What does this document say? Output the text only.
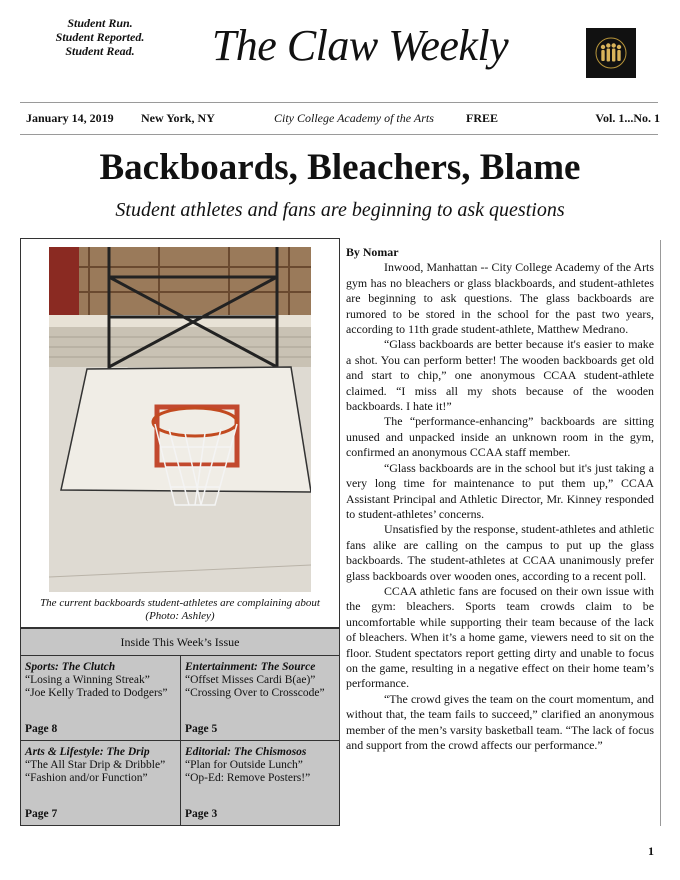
Student Run.
Student Reported.
Student Read.	The Claw Weekly
January 14, 2019 New York, NY	City College Academy of the Arts	FREE	Vol. 1...No. 1
Backboards, Bleachers, Blame
Student athletes and fans are beginning to ask questions
The current backboards student-athletes are complaining about
(Photo: Ashley)
Inside This Week’s Issue
Sports: The Clutch
“Losing a Winning Streak”
“Joe Kelly Traded to Dodgers”
Page 8
Entertainment: The Source
“Offset Misses Cardi B(ae)”
“Crossing Over to Crosscode”
Page 5
Arts & Lifestyle: The Drip
“The All Star Drip & Dribble”
“Fashion and/or Function”
Page 7
Editorial: The Chismosos
“Plan for Outside Lunch”
“Op-Ed: Remove Posters!”
Page 3
By Nomar

Inwood, Manhattan -- City College Academy of the Arts gym has no bleachers or glass blackboards, and student-athletes are beginning to ask questions. The glass backboards are rumored to be stored in the school for the past two years, according to 11th grade student-athlete, Matthew Medrano.

“Glass backboards are better because it's easier to make a shot. You can perform better! The wooden backboards get old and start to chip,” one anonymous CCAA student-athlete claimed. “I miss all my shots because of the wooden backboards. I hate it!”

The “performance-enhancing” backboards are sitting unused and unpacked inside an unknown room in the gym, confirmed an anonymous CCAA staff member.

“Glass backboards are in the school but it's just taking a very long time for maintenance to put them up,” CCAA Assistant Principal and Athletic Director, Mr. Kinney responded to student-athletes’ concerns.

Unsatisfied by the response, student-athletes and athletic fans alike are calling on the campus to put up the glass backboards. The student-athletes at CCAA unanimously prefer glass backboards over wooden ones, according to a recent poll.

CCAA athletic fans are focused on their own issue with the gym: bleachers. Sports team crowds claim to be uncomfortable while supporting their team because of the lack of bleachers. When it’s a home game, viewers need to sit on the floor. Student spectators report getting dirty and unable to focus on the game, resulting in a negative effect on their home team’s performance.

“The crowd gives the team on the court momentum, and without that, the team fails to succeed,” clarified an anonymous member of the men’s varsity basketball team. “The lack of focus and support from the crowd affects our performance.”

1
